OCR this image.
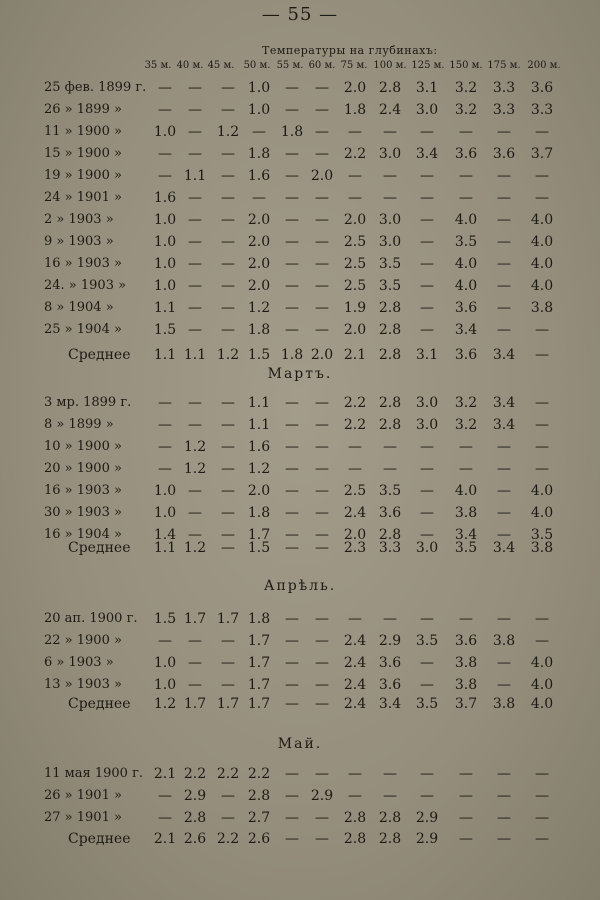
— 55 —
Температуры на глубинахъ:
35 м. 40 м. 45 м. 50 м. 55 м. 60 м. 75 м. 100 м. 125 м. 150 м. 175 м. 200 м.
25 фев. 1899 г. — — — 1.0 — — 2.0 2.8 3.1 3.2 3.3 3.6
26 » 1899 »	— — — 1.0 — — 1.8 2.4 3.0 3.2 3.3 3.3
11 » 1900 » 1.0 — 1.2 — 1.8 — — — — — — —
15 » 1900 »	— — — 1.8 — — 2.2 3.0 3.4 3.6 3.6 3.7
19 » 1900 »	— 1.1 — 1.6 — 2.0 — — — — — —
24 » 1901 » 1.6 — — — — — — — — — — —
2 » 1903 »	1.0 — — 2.0 — — 2.0 3.0 — 4.0 — 4.0
9 » 1903 »	1.0 — — 2.0 — — 2.5 3.0 — 3.5 — 4.0
16 » 1903 » 1.0 — — 2.0 — — 2.5 3.5 — 4.0 — 4.0
24. » 1903 » 1.0 — — 2.0 — — 2.5 3.5 — 4.0 — 4.0
8 » 1904 »	1.1 — — 1.2 — — 1.9 2.8 — 3.6 — 3.8
25 » 1904 » 1.5 — — 1.8 — — 2.0 2.8 — 3.4 — —
Среднее 1.1 1.1 1.2 1.5 1.8 2.0 2.1 2.8 3.1 3.6 3.4 —
Мартъ.
3 мр. 1899 г. — — — 1.1 — — 2.2 2.8 3.0 3.2 3.4 —
8 » 1899 »	— — — 1.1 — — 2.2 2.8 3.0 3.2 3.4 —
10 » 1900 »	— 1.2 — 1.6 — — — — — — — —
20 » 1900 »	— 1.2 — 1.2 — — — — — — — —
16 » 1903 » 1.0 — — 2.0 — — 2.5 3.5 — 4.0 — 4.0
30 » 1903 » 1.0 — — 1.8 — — 2.4 3.6 — 3.8 — 4.0
16 » 1904 » 1.4 — — 1.7 — — 2.0 2.8 — 3.4 — 3.5
Среднее 1.1 1.2 — 1.5 — — 2.3 3.3 3.0 3.5 3.4 3.8
Апрѣль.
20 ап. 1900 г. 1.5 1.7 1.7 1.8 — — — — — — — —
22 » 1900 »	— — — 1.7 — — 2.4 2.9 3.5 3.6 3.8 —
6 » 1903 »	1.0 — — 1.7 — — 2.4 3.6 — 3.8 — 4.0
13 » 1903 » 1.0 — — 1.7 — — 2.4 3.6 — 3.8 — 4.0
Среднее 1.2 1.7 1.7 1.7 — — 2.4 3.4 3.5 3.7 3.8 4.0
Май.
11 мая 1900 г. 2.1 2.2 2.2 2.2 — — — — — — — —
26 » 1901 »	— 2.9 — 2.8 — 2.9 — — — — — —
27 » 1901 »	— 2.8 — 2.7 — — 2.8 2.8 2.9 — — —
Среднее 2.1 2.6 2.2 2.6 — — 2.8 2.8 2.9 — — —
